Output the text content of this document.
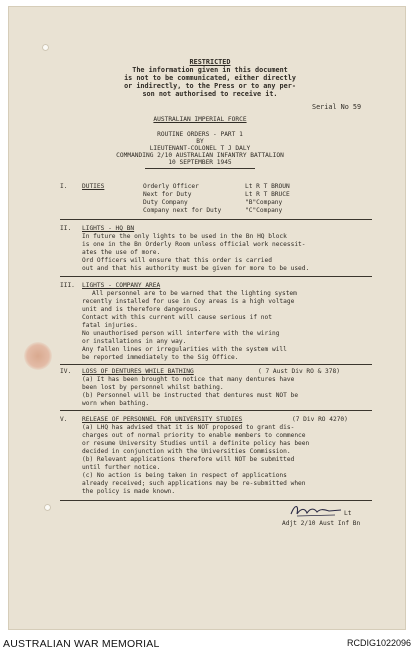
RESTRICTED
The information given in this document
is not to be communicated, either directly
or indirectly, to the Press or to any per-
son not authorised to receive it.
Serial No 59
AUSTRALIAN IMPERIAL FORCE
ROUTINE ORDERS - PART 1
BY
LIEUTENANT-COLONEL T J DALY
COMMANDING 2/10 AUSTRALIAN INFANTRY BATTALION
10 SEPTEMBER 1945
I. DUTIES	Orderly Officer	Lt R T BROUN
Next for Duty	Lt R T BRUCE
Duty Company	"B"Company
Company next for Duty	"C"Company
II. LIGHTS - HQ BN
In future the only lights to be used in the Bn HQ block
is one in the Bn Orderly Room unless official work necessit-
ates the use of more.
Ord Officers will ensure that this order is carried
out and that his authority must be given for more to be used.
III. LIGHTS - COMPANY AREA
All personnel are to be warned that the lighting system
recently installed for use in Coy areas is a high voltage
unit and is therefore dangerous.
Contact with this current will cause serious if not
fatal injuries.
No unauthorised person will interfere with the wiring
or installations in any way.
Any fallen lines or irregularities with the system will
be reported immediately to the Sig Office.
IV. LOSS OF DENTURES WHILE BATHING	( 7 Aust Div RO & 378)
(a) It has been brought to notice that many dentures have
been lost by personnel whilst bathing.
(b) Personnel will be instructed that dentures must NOT be
worn when bathing.
V. RELEASE OF PERSONNEL FOR UNIVERSITY STUDIES	(7 Div RO 4270)
(a) LHQ has advised that it is NOT proposed to grant dis-
charges out of normal priority to enable members to commence
or resume University Studies until a definite policy has been
decided in conjunction with the Universities Commission.
(b) Relevant applications therefore will NOT be submitted
until further notice.
(c) No action is being taken in respect of applications
already received; such applications may be re-submitted when
the policy is made known.
Lt
Adjt 2/10 Aust Inf Bn
AUSTRALIAN WAR MEMORIAL	RCDIG1022096
